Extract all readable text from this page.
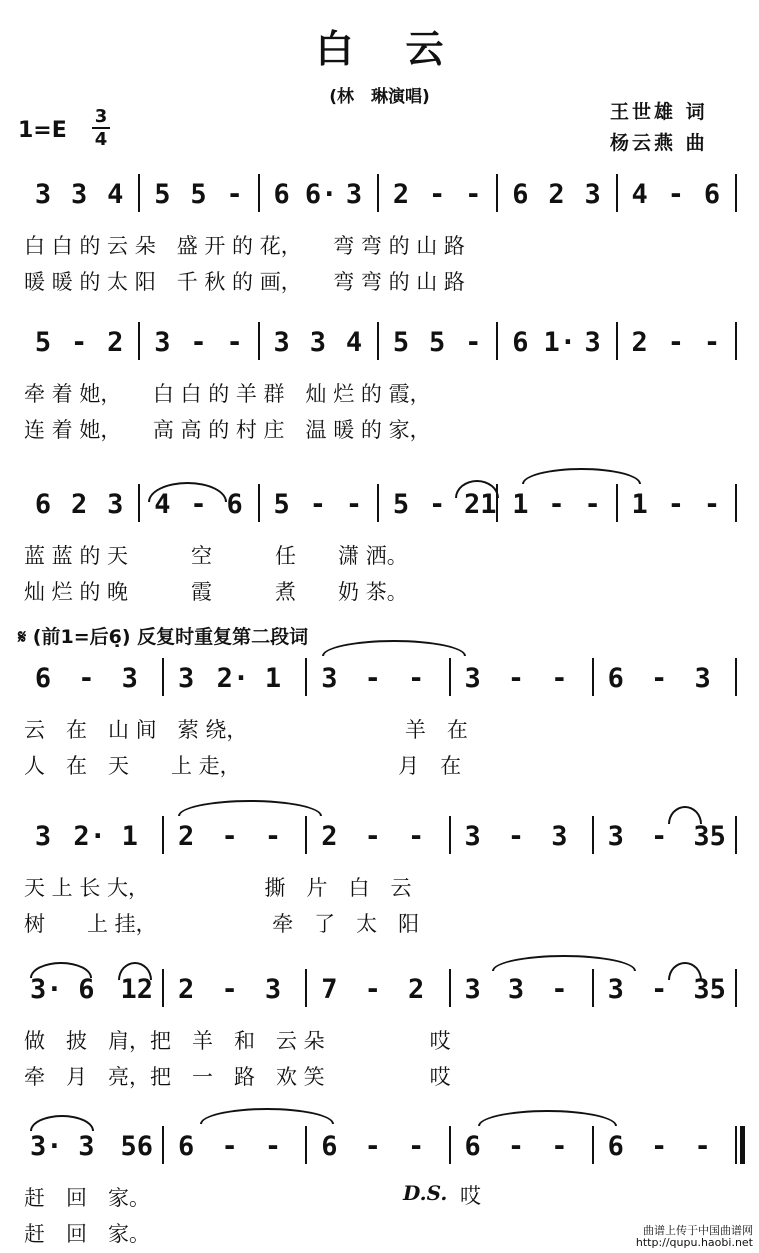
白云
(林　琳演唱)
王世雄 词
杨云燕 曲
1=E
3
4
3 3 4 5 5 - 6 6· 3 2 - - 6 2 3 4 - 6
白 白 的 云 朵　盛 开 的 花，　　弯 弯 的 山 路
暖 暖 的 太 阳　千 秋 的 画，　　弯 弯 的 山 路
5 - 2 3 - - 3 3 4 5 5 - 6 1· 3 2 - -
牵 着 她，　　白 白 的 羊 群　灿 烂 的 霞，
连 着 她，　　高 高 的 村 庄　温 暖 的 家，
6 2 3 4 - 6 5 - - 5 - 21 1 - - 1 - -
蓝 蓝 的 天　　　空　　　任　　潇 洒。
灿 烂 的 晚　　　霞　　　煮　　奶 茶。
6 - 3 3 2· 1 3 - - 3 - - 6 - 3
云　在　山 间　萦 绕，　　　　　　　　羊　在
人　在　天　　上 走，　　　　　　　　月　在
3 2· 1 2 - - 2 - - 3 - 3 3 - 35
天 上 长 大，　　　　　　撕　片　白　云
树　　上 挂，　　　　　　牵　了　太　阳
3· 6 12 2 - 3 7 - 2 3 3 - 3 - 35
做　披　肩，把　羊　和　云 朵　　　　　哎
牵　月　亮，把　一　路　欢 笑　　　　　哎
3· 3 56 6 - - 6 - - 6 - - 6 - -
赶　回　家。
赶　回　家。
𝄋 (前1=后6̣) 反复时重复第二段词
D.S. 哎
曲谱上传于中国曲谱网
http://qupu.haobi.net
